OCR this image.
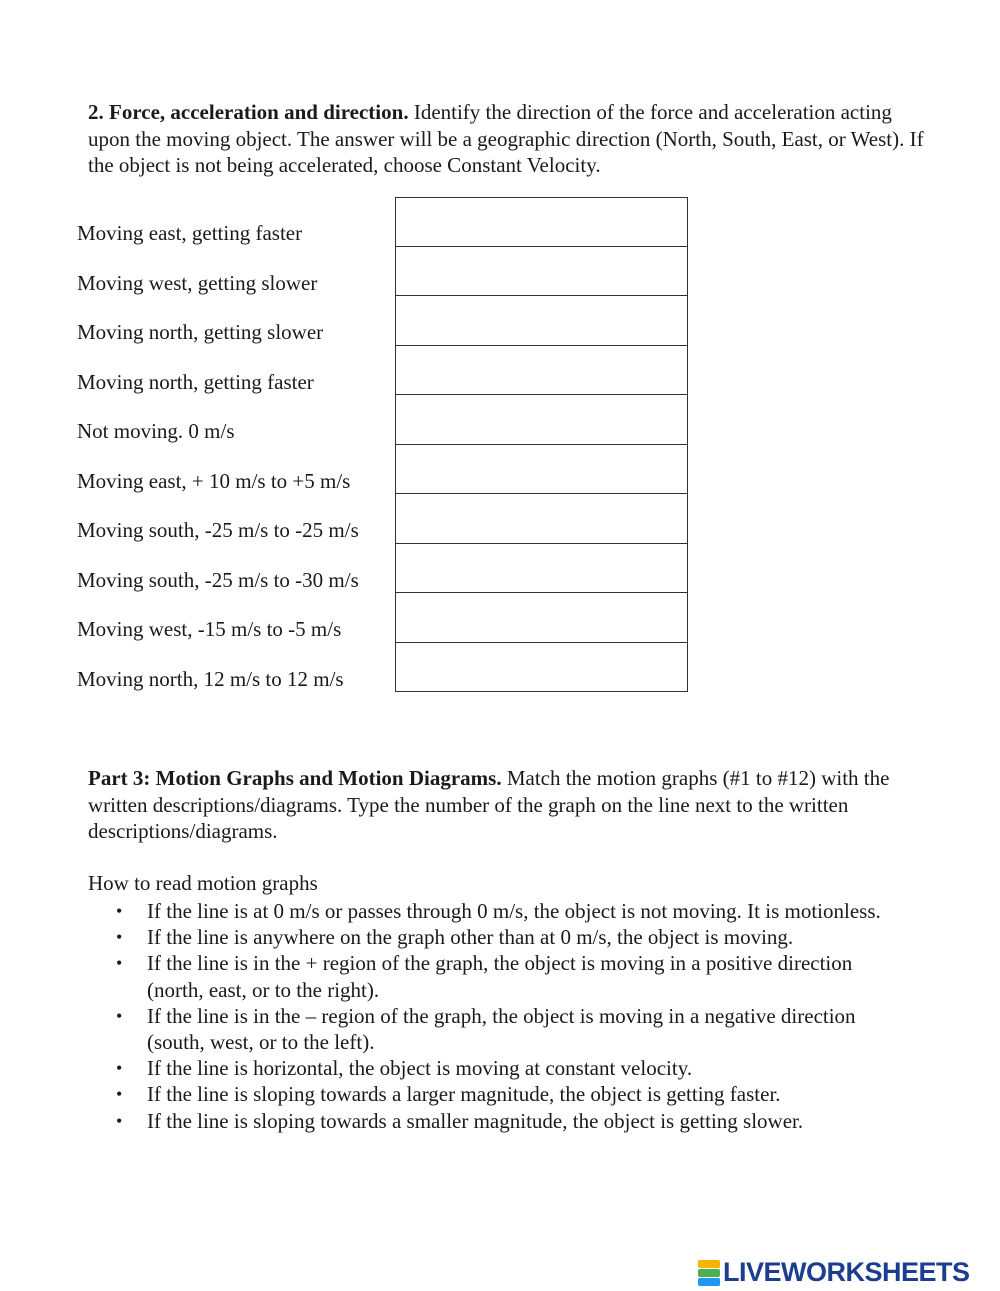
2. Force, acceleration and direction. Identify the direction of the force and acceleration acting upon the moving object. The answer will be a geographic direction (North, South, East, or West). If the object is not being accelerated, choose Constant Velocity.
Moving east, getting faster
Moving west, getting slower
Moving north, getting slower
Moving north, getting faster
Not moving. 0 m/s
Moving east, + 10 m/s to +5 m/s
Moving south, -25 m/s to -25 m/s
Moving south, -25 m/s to -30 m/s
Moving west, -15 m/s to -5 m/s
Moving north, 12 m/s to 12 m/s
Part 3: Motion Graphs and Motion Diagrams. Match the motion graphs (#1 to #12) with the written descriptions/diagrams. Type the number of the graph on the line next to the written descriptions/diagrams.
How to read motion graphs
• If the line is at 0 m/s or passes through 0 m/s, the object is not moving. It is motionless.
• If the line is anywhere on the graph other than at 0 m/s, the object is moving.
• If the line is in the + region of the graph, the object is moving in a positive direction (north, east, or to the right).
• If the line is in the – region of the graph, the object is moving in a negative direction (south, west, or to the left).
• If the line is horizontal, the object is moving at constant velocity.
• If the line is sloping towards a larger magnitude, the object is getting faster.
• If the line is sloping towards a smaller magnitude, the object is getting slower.
LIVEWORKSHEETS
